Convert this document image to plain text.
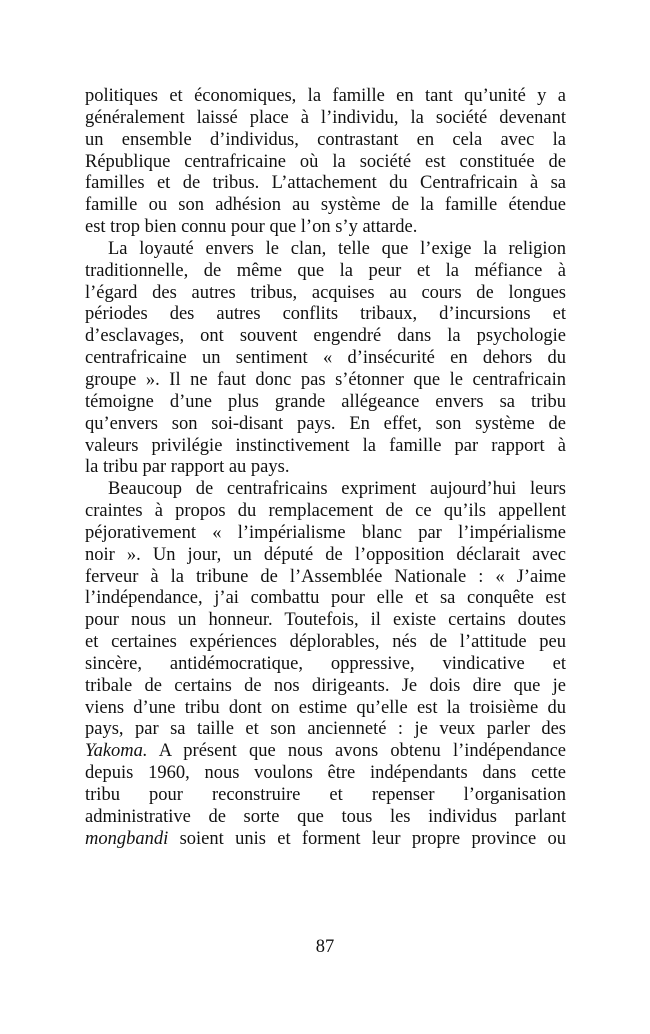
politiques et économiques, la famille en tant qu’unité y a
généralement laissé place à l’individu, la société devenant
un ensemble d’individus, contrastant en cela avec la
République centrafricaine où la société est constituée de
familles et de tribus. L’attachement du Centrafricain à sa
famille ou son adhésion au système de la famille étendue
est trop bien connu pour que l’on s’y attarde.
La loyauté envers le clan, telle que l’exige la religion
traditionnelle, de même que la peur et la méfiance à
l’égard des autres tribus, acquises au cours de longues
périodes des autres conflits tribaux, d’incursions et
d’esclavages, ont souvent engendré dans la psychologie
centrafricaine un sentiment « d’insécurité en dehors du
groupe ». Il ne faut donc pas s’étonner que le centrafricain
témoigne d’une plus grande allégeance envers sa tribu
qu’envers son soi-disant pays. En effet, son système de
valeurs privilégie instinctivement la famille par rapport à
la tribu par rapport au pays.
Beaucoup de centrafricains expriment aujourd’hui leurs
craintes à propos du remplacement de ce qu’ils appellent
péjorativement « l’impérialisme blanc par l’impérialisme
noir ». Un jour, un député de l’opposition déclarait avec
ferveur à la tribune de l’Assemblée Nationale : « J’aime
l’indépendance, j’ai combattu pour elle et sa conquête est
pour nous un honneur. Toutefois, il existe certains doutes
et certaines expériences déplorables, nés de l’attitude peu
sincère, antidémocratique, oppressive, vindicative et
tribale de certains de nos dirigeants. Je dois dire que je
viens d’une tribu dont on estime qu’elle est la troisième du
pays, par sa taille et son ancienneté : je veux parler des
Yakoma. A présent que nous avons obtenu l’indépendance
depuis 1960, nous voulons être indépendants dans cette
tribu pour reconstruire et repenser l’organisation
administrative de sorte que tous les individus parlant
mongbandi soient unis et forment leur propre province ou
87
